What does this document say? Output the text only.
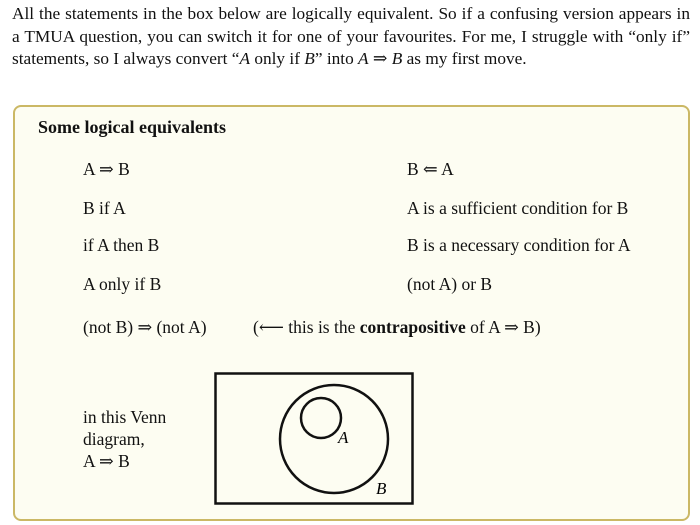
All the statements in the box below are logically equivalent. So if a confusing version appears in a TMUA question, you can switch it for one of your favourites. For me, I struggle with “only if” statements, so I always convert “A only if B” into A ⇒ B as my first move.

Some logical equivalents
A ⇒ B	B ⇐ A
B if A	A is a sufficient condition for B
if A then B	B is a necessary condition for A
A only if B	(not A) or B
(not B) ⇒ (not A)	(⟵ this is the contrapositive of A ⇒ B)
in this Venn
diagram,
A ⇒ B
A
B
